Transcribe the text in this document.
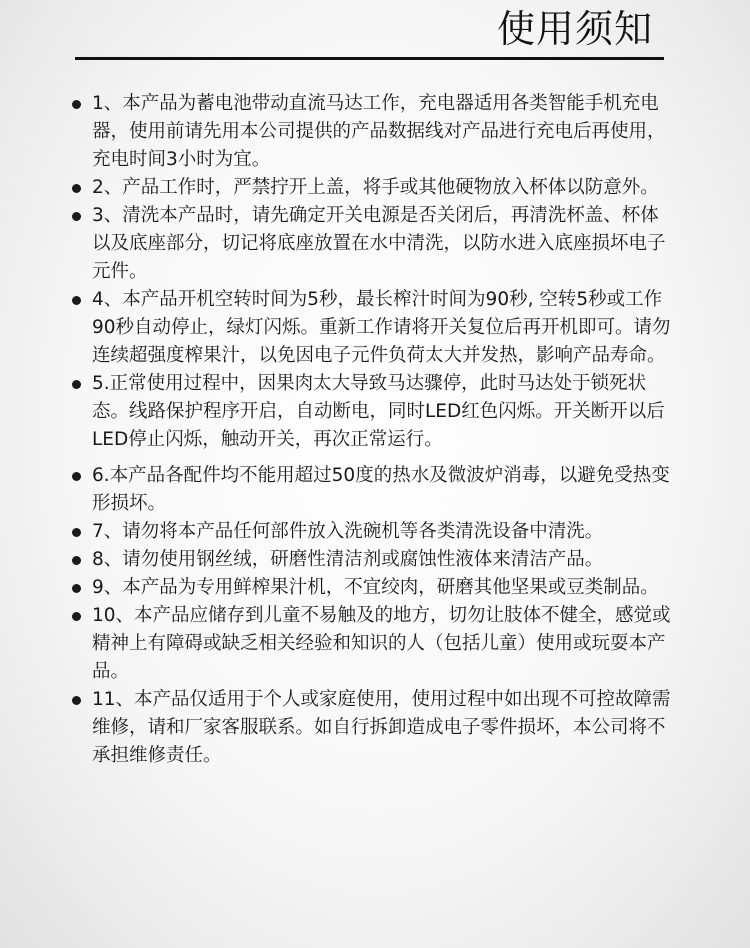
使用须知
1、本产品为蓄电池带动直流马达工作，充电器适用各类智能手机充电器，使用前请先用本公司提供的产品数据线对产品进行充电后再使用，充电时间3小时为宜。
2、产品工作时，严禁拧开上盖，将手或其他硬物放入杯体以防意外。
3、清洗本产品时，请先确定开关电源是否关闭后，再清洗杯盖、杯体以及底座部分，切记将底座放置在水中清洗，以防水进入底座损坏电子元件。
4、本产品开机空转时间为5秒，最长榨汁时间为90秒, 空转5秒或工作90秒自动停止，绿灯闪烁。重新工作请将开关复位后再开机即可。请勿连续超强度榨果汁，以免因电子元件负荷太大并发热，影响产品寿命。
5.正常使用过程中，因果肉太大导致马达骤停，此时马达处于锁死状态。线路保护程序开启，自动断电，同时LED红色闪烁。开关断开以后LED停止闪烁，触动开关，再次正常运行。
6.本产品各配件均不能用超过50度的热水及微波炉消毒，以避免受热变形损坏。
7、请勿将本产品任何部件放入洗碗机等各类清洗设备中清洗。
8、请勿使用钢丝绒，研磨性清洁剂或腐蚀性液体来清洁产品。
9、本产品为专用鲜榨果汁机，不宜绞肉，研磨其他坚果或豆类制品。
10、本产品应储存到儿童不易触及的地方，切勿让肢体不健全，感觉或精神上有障碍或缺乏相关经验和知识的人（包括儿童）使用或玩耍本产品。
11、本产品仅适用于个人或家庭使用，使用过程中如出现不可控故障需维修，请和厂家客服联系。如自行拆卸造成电子零件损坏，本公司将不承担维修责任。
